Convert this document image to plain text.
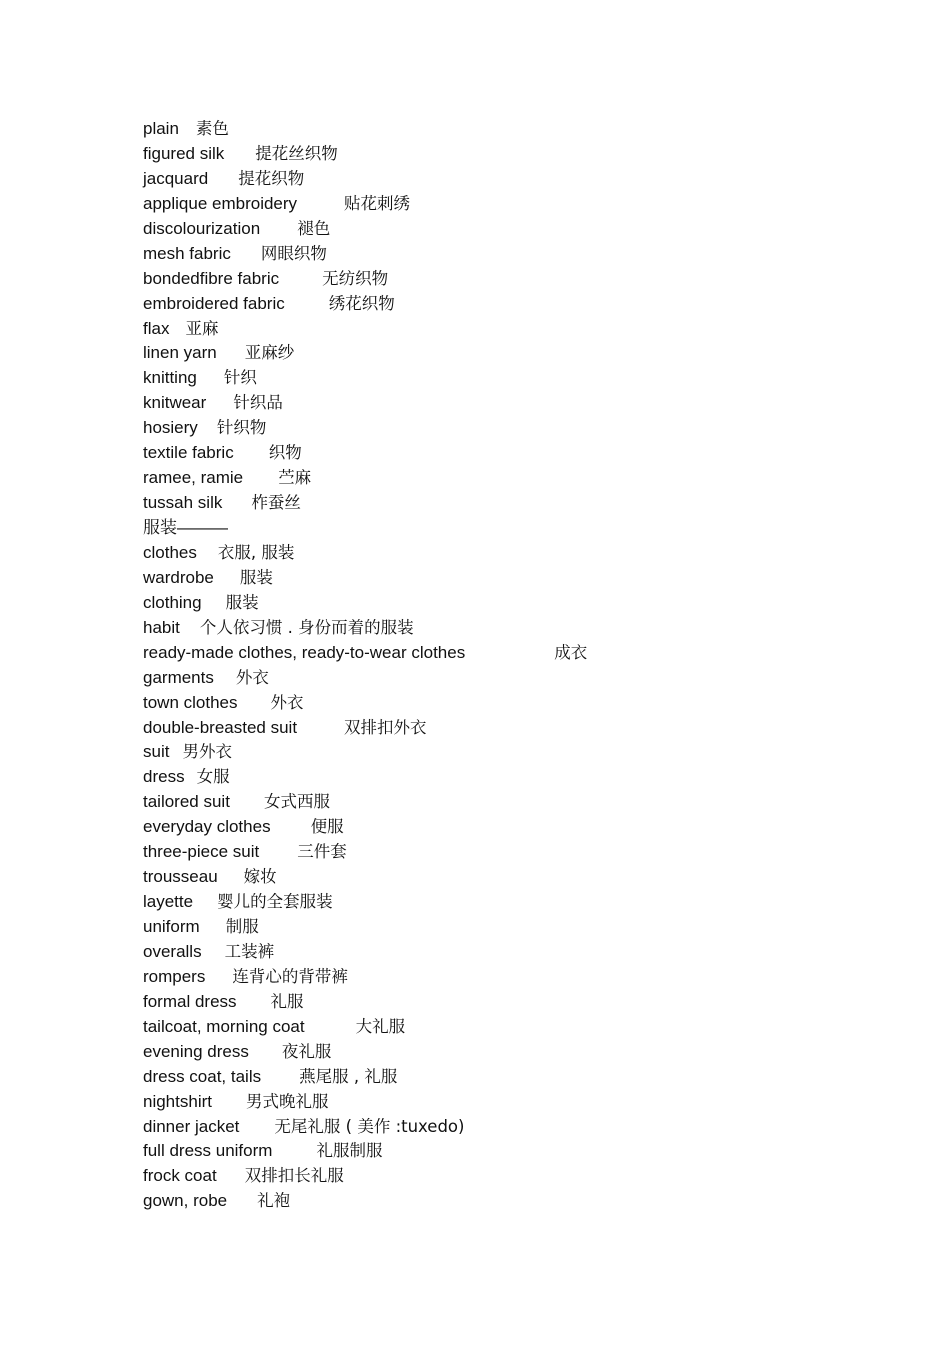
plain 素色
figured silk 提花丝织物
jacquard 提花织物
applique embroidery	贴花刺绣
discolourization 褪色
mesh fabric 网眼织物
bondedfibre fabric	无纺织物
embroidered fabric	绣花织物
flax 亚麻
linen yarn 亚麻纱
knitting 针织
knitwear 针织品
hosiery 针织物
textile fabric 织物
ramee, ramie 苎麻
tussah silk 柞蚕丝
服装———
clothes 衣服, 服装
wardrobe 服装
clothing 服装
habit 个人依习惯 . 身份而着的服装
ready-made clothes, ready-to-wear clothes	成衣
garments 外衣
town clothes 外衣
double-breasted suit	双排扣外衣
suit 男外衣
dress 女服
tailored suit 女式西服
everyday clothes 便服
three-piece suit 三件套
trousseau 嫁妆
layette 婴儿的全套服装
uniform 制服
overalls 工装裤
rompers 连背心的背带裤
formal dress 礼服
tailcoat, morning coat	大礼服
evening dress 夜礼服
dress coat, tails 燕尾服 , 礼服
nightshirt 男式晚礼服
dinner jacket 无尾礼服 ( 美作 :tuxedo)
full dress uniform	礼服制服
frock coat 双排扣长礼服
gown, robe 礼袍
